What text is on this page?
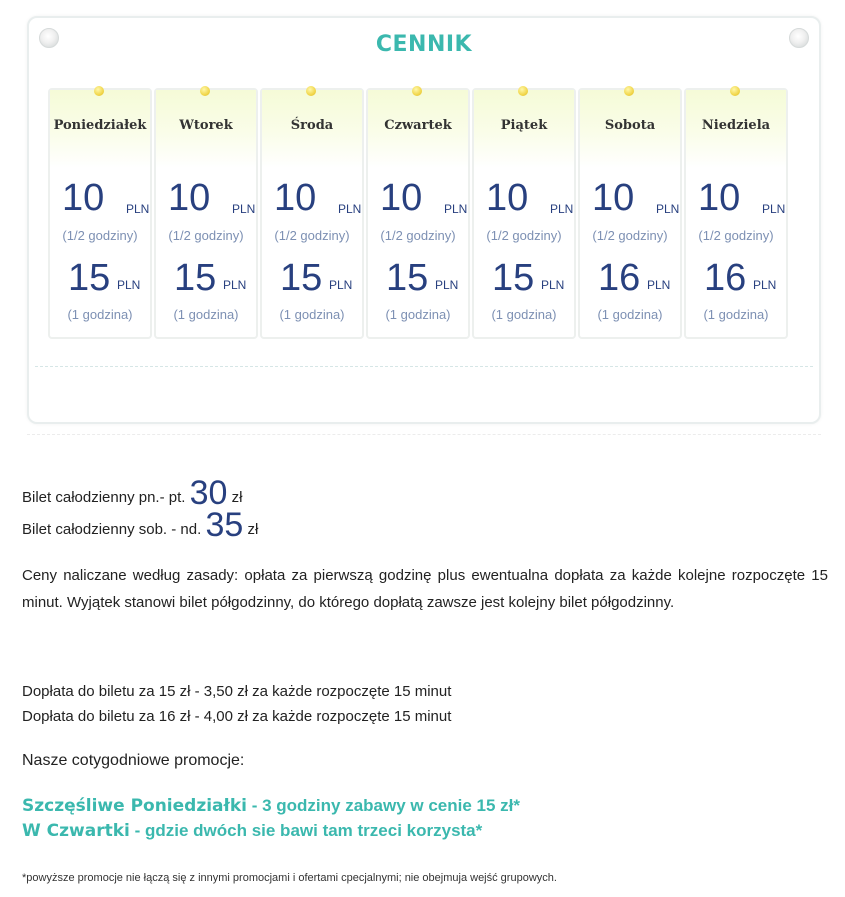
CENNIK
Poniedziałek
10 PLN
(1/2 godziny)
15 PLN
(1 godzina)
Wtorek
10 PLN
(1/2 godziny)
15 PLN
(1 godzina)
Środa
10 PLN
(1/2 godziny)
15 PLN
(1 godzina)
Czwartek
10 PLN
(1/2 godziny)
15 PLN
(1 godzina)
Piątek
10 PLN
(1/2 godziny)
15 PLN
(1 godzina)
Sobota
10 PLN
(1/2 godziny)
16 PLN
(1 godzina)
Niedziela
10 PLN
(1/2 godziny)
16 PLN
(1 godzina)
Bilet całodzienny pn.- pt. 30 zł
Bilet całodzienny sob. - nd. 35 zł
Ceny naliczane według zasady: opłata za pierwszą godzinę plus ewentualna dopłata za każde kolejne rozpoczęte 15 minut. Wyjątek stanowi bilet półgodzinny, do którego dopłatą zawsze jest kolejny bilet półgodzinny.
Dopłata do biletu za 15 zł - 3,50 zł za każde rozpoczęte 15 minut
Dopłata do biletu za 16 zł - 4,00 zł za każde rozpoczęte 15 minut
Nasze cotygodniowe promocje:
Szczęśliwe Poniedziałki - 3 godziny zabawy w cenie 15 zł*
W Czwartki - gdzie dwóch sie bawi tam trzeci korzysta*
*powyższe promocje nie łączą się z innymi promocjami i ofertami cpecjalnymi; nie obejmuja wejść grupowych.
